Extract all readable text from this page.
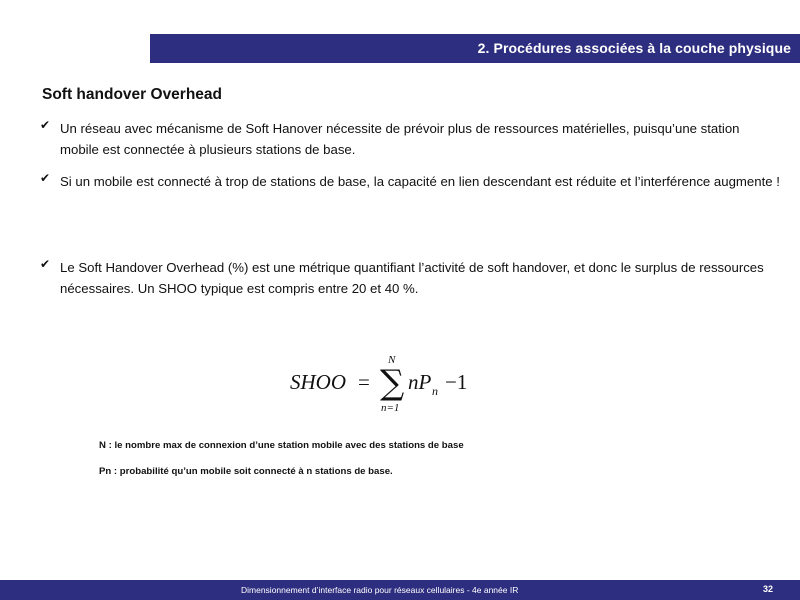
2. Procédures associées à la couche physique
Soft handover Overhead
✔ Un réseau avec mécanisme de Soft Hanover nécessite de prévoir plus de ressources matérielles, puisqu’une station mobile est connectée à plusieurs stations de base.
✔ Si un mobile est connecté à trop de stations de base, la capacité en lien descendant est réduite et l’interférence augmente !
✔ Le Soft Handover Overhead (%) est une métrique quantifiant l’activité de soft handover, et donc le surplus de ressources nécessaires. Un SHOO typique est compris entre 20 et 40 %.
SHOO =
N
∑
n=1
nP n −1
N : le nombre max de connexion d’une station mobile avec des stations de base
Pn : probabilité qu’un mobile soit connecté à n stations de base.
Dimensionnement d’interface radio pour réseaux cellulaires - 4e année IR	32
